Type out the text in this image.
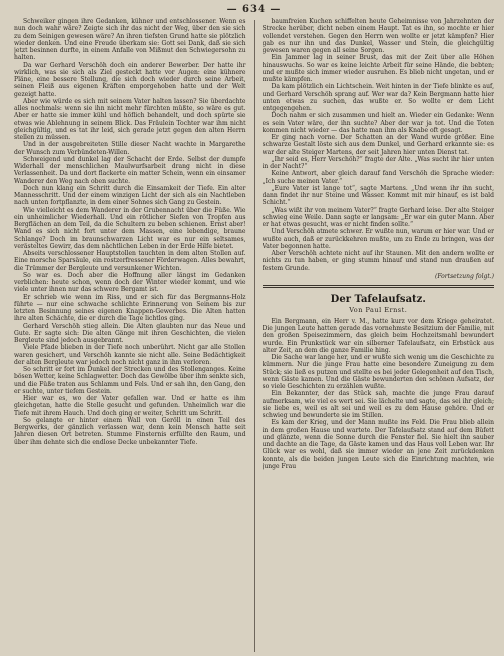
— 634 —

Schweiker gingen ihre Gedanken, kühner und entschlossener. Wenn es nun doch wahr wäre? Zeigte sich ihr das nicht der Weg, über den sie sich zu dem Seinigen gewesen wäre? An ihren tiefsten Grund hatte sie plötzlich wieder denken. Und eine Freude überkam sie: Gott sei Dank, daß sie sich jetzt besinnen durfte, in einem Anfalle von Mißmut den Schwiegersohn zu halten.

Da war Gerhard Verschöh doch ein anderer Bewerber. Der hatte ihr wirklich, was sie sich als Ziel gesteckt hatte vor Augen: eine kühnere Pläne, eine bessere Stellung, die sich doch wieder durch seine Arbeit, seinen Fleiß aus eigenen Kräften emporgehoben hatte und der Welt gezeigt hatte.

Aber wie würde es sich mit seinem Vater halten lassen? Sie überdachte alles nochmals: wenn sie ihn nicht mehr fürchten müßte, so wäre es gut. Aber er hatte sie immer kühl und höflich behandelt, und doch spürte sie etwas wie Ablehnung in seinem Blick. Das Fräulein Tochter war ihm nicht gleichgültig, und es tat ihr leid, sich gerade jetzt gegen den alten Herrn stellen zu müssen.

Und in der ausgebreiteten Stille dieser Nacht wachte in Margarethe der Wunsch zum Verbündeten-Willen.

Schweigend und dunkel lag der Schacht der Erde. Selbst der dumpfe Widerhall der menschlichen Maulwurfsarbeit drang nicht in diese Verlassenheit. Da und dort flackerte ein matter Schein, wenn ein einsamer Wanderer den Weg nach oben suchte.

Doch nun klang ein Schritt durch die Einsamkeit der Tiefe. Ein alter Mannesschritt. Und der einem winzigen Licht der sich als ein Nachtleben nach unten fortpflanzte, in dem einer Sohnes sich Gang zu Gestein.

Wie vielleicht es dem Wanderer in der Grubennacht über die Füße. Wie ein unheimlicher Wiederhall. Und ein rötlicher Siefen von Tropfen aus Bergflächen an dem Teil, da die Schultern zu beben schienen. Ernst aber! Wand es sich nicht fort unter dem Massen, eine lebendige, braune Schlange? Doch im braunschwarzen Licht war es nur ein seltsames, verästeltes Gewirr, das dem nächtlichen Leben in der Erde Hilfe bietet.

Abseits verschlossener Hauptstollen tauchten in dem alten Stollen auf. Eine morsche Sparsäule, ein rostzerfressener Förderwagen. Alles bewahrt, die Trümmer der Bergleute und versunkener Wichten.

So war es. Doch aber die Hoffnung aller längst im Gedanken verblichen: heute schon, wenn doch der Winter wieder kommt, und wie viele unter ihnen nur das schwere Bergamt ist.

Er schrieb wie wenn im Riss, und er sich für das Bergmanns-Holz führte — nur eine schwache schlichte Erinnerung von Seinem bis zur letzten Besinnung seines eigenen Knappen-Gewerbes. Die Alten hatten ihre alten Schächte, die er durch die Tage lichtlos ging.

Gerhard Verschöh stieg allein. Die Alten glaubten nur das Neue und Gute. Er sagte sich: Die alten Gänge mit ihren Geschichten, die vielen Bergleute sind jedoch ausgebrannt.

Viele Pfade blieben in der Tiefe noch unberührt. Nicht gar alle Stollen waren gesichert, und Verschöh kannte sie nicht alle. Seine Bedächtigkeit der alten Bergleute war jedoch noch nicht ganz in ihm verloren.

So schritt er fort im Dunkel der Strecken und des Stollenganges. Keine bösen Wetter, keine Schlagwetter. Doch das Gewölbe über ihm senkte sich, und die Füße traten aus Schlamm und Fels. Und er sah ihn, den Gang, den er suchte, unter tiefem Gestein.

Hier war es, wo der Vater gefallen war. Und er hatte es ihm gleichgetan, hatte die Stelle gesucht und gefunden. Unheimlich war die Tiefe mit ihrem Hauch. Und doch ging er weiter, Schritt um Schritt.

So gelangte er hinter einem Wall von Geröll in einen Teil des Bergwerks, der gänzlich verlassen war, denn kein Mensch hatte seit Jahren diesen Ort betreten. Stumme Finsternis erfüllte den Raum, und über ihm dehnte sich die endlose Decke unbekannter Tiefe.

baumfreien Kuchen schiffelten heute Geheimnisse von Jahrzehnten der Strecke herüber, dicht neben einem Haupt. Tat es ihn, so mochte er hier vollendet verstehen. Gegen den Herrn wen wollte er jetzt kämpfen? Hier gab es nur ihn und das Dunkel, Wasser und Stein, die gleichgültig gewesen waren gegen all seine Sorgen.

Ein Jammer lag in seiner Brust, das mit der Zeit über alle Höhen hinauswuchs. So war es keine leichte Arbeit für seine Hände, die bebten; und er mußte sich immer wieder ausruhen. Es blieb nicht ungetan, und er mußte kämpfen.

Da kam plötzlich ein Lichtschein. Weit hinten in der Tiefe blinkte es auf, und Gerhard Verschöh sprang auf. Wer war da? Kein Bergmann hatte hier unten etwas zu suchen, das wußte er. So wollte er dem Licht entgegengehen.

Doch nahm er sich zusammen und hielt an. Wieder ein Gedanke: Wenn es sein Vater wäre, der ihn suchte? Aber der war ja tot. Und die Toten kommen nicht wieder — das hatte man ihm als Knabe oft gesagt.

Er ging nach vorne. Der Schatten an der Wand wurde größer. Eine schwarze Gestalt löste sich aus dem Dunkel, und Gerhard erkannte sie: es war der alte Steiger Martens, der seit Jahren hier unten Dienst tat.

„Ihr seid es, Herr Verschöh?“ fragte der Alte. „Was sucht ihr hier unten in der Nacht?“

Keine Antwort, aber gleich darauf fand Verschöh die Sprache wieder: „Ich suche meinen Vater.“

„Eure Vater ist lange tot“, sagte Martens. „Und wenn ihr ihn sucht, dann findet ihr nur Steine und Wasser. Kommt mit mir hinauf, es ist bald Schicht.“

„Was wißt ihr von meinem Vater?“ fragte Gerhard leise. Der alte Steiger schwieg eine Weile. Dann sagte er langsam: „Er war ein guter Mann. Aber er hat etwas gesucht, was er nicht finden sollte.“

Und Verschöh atmete schwer. Er wußte nun, warum er hier war. Und er wußte auch, daß er zurückkehren mußte, um zu Ende zu bringen, was der Vater begonnen hatte.

Aber Verschöh achtete nicht auf ihr Staunen. Mit den andern wollte er nichts zu tun haben, er ging stumm hinauf und stand nun draußen auf festem Grunde.

(Fortsetzung folgt.)
Der Tafelaufsatz.
Von Paul Ernst.

Ein Bergmann, ein Herr v. M., hatte kurz vor dem Kriege geheiratet. Die jungen Leute hatten gerade das vornehmste Besitzium der Familie, mit den großen Speisezimmern, das gleich beim Hochzeitsmahl bewundert wurde. Ein Prunkstück war ein silberner Tafelaufsatz, ein Erbstück aus alter Zeit, an dem die ganze Familie hing.

Die Sache war lange her, und er wußte sich wenig um die Geschichte zu kümmern. Nur die junge Frau hatte eine besondere Zuneigung zu dem Stück; sie ließ es putzen und stellte es bei jeder Gelegenheit auf den Tisch, wenn Gäste kamen. Und die Gäste bewunderten den schönen Aufsatz, der so viele Geschichten zu erzählen wußte.

Ein Bekannter, der das Stück sah, machte die junge Frau darauf aufmerksam, wie viel es wert sei. Sie lächelte und sagte, das sei ihr gleich; sie liebe es, weil es alt sei und weil es zu dem Hause gehöre. Und er schwieg und bewunderte sie im Stillen.

Es kam der Krieg, und der Mann mußte ins Feld. Die Frau blieb allein in dem großen Hause und wartete. Der Tafelaufsatz stand auf dem Büfett und glänzte, wenn die Sonne durch die Fenster fiel. Sie hielt ihn sauber und dachte an die Tage, da Gäste kamen und das Haus voll Leben war. Ihr Glück war es wohl, daß sie immer wieder an jene Zeit zurückdenken konnte, als die beiden jungen Leute sich die Einrichtung machten, wie junge Frau
